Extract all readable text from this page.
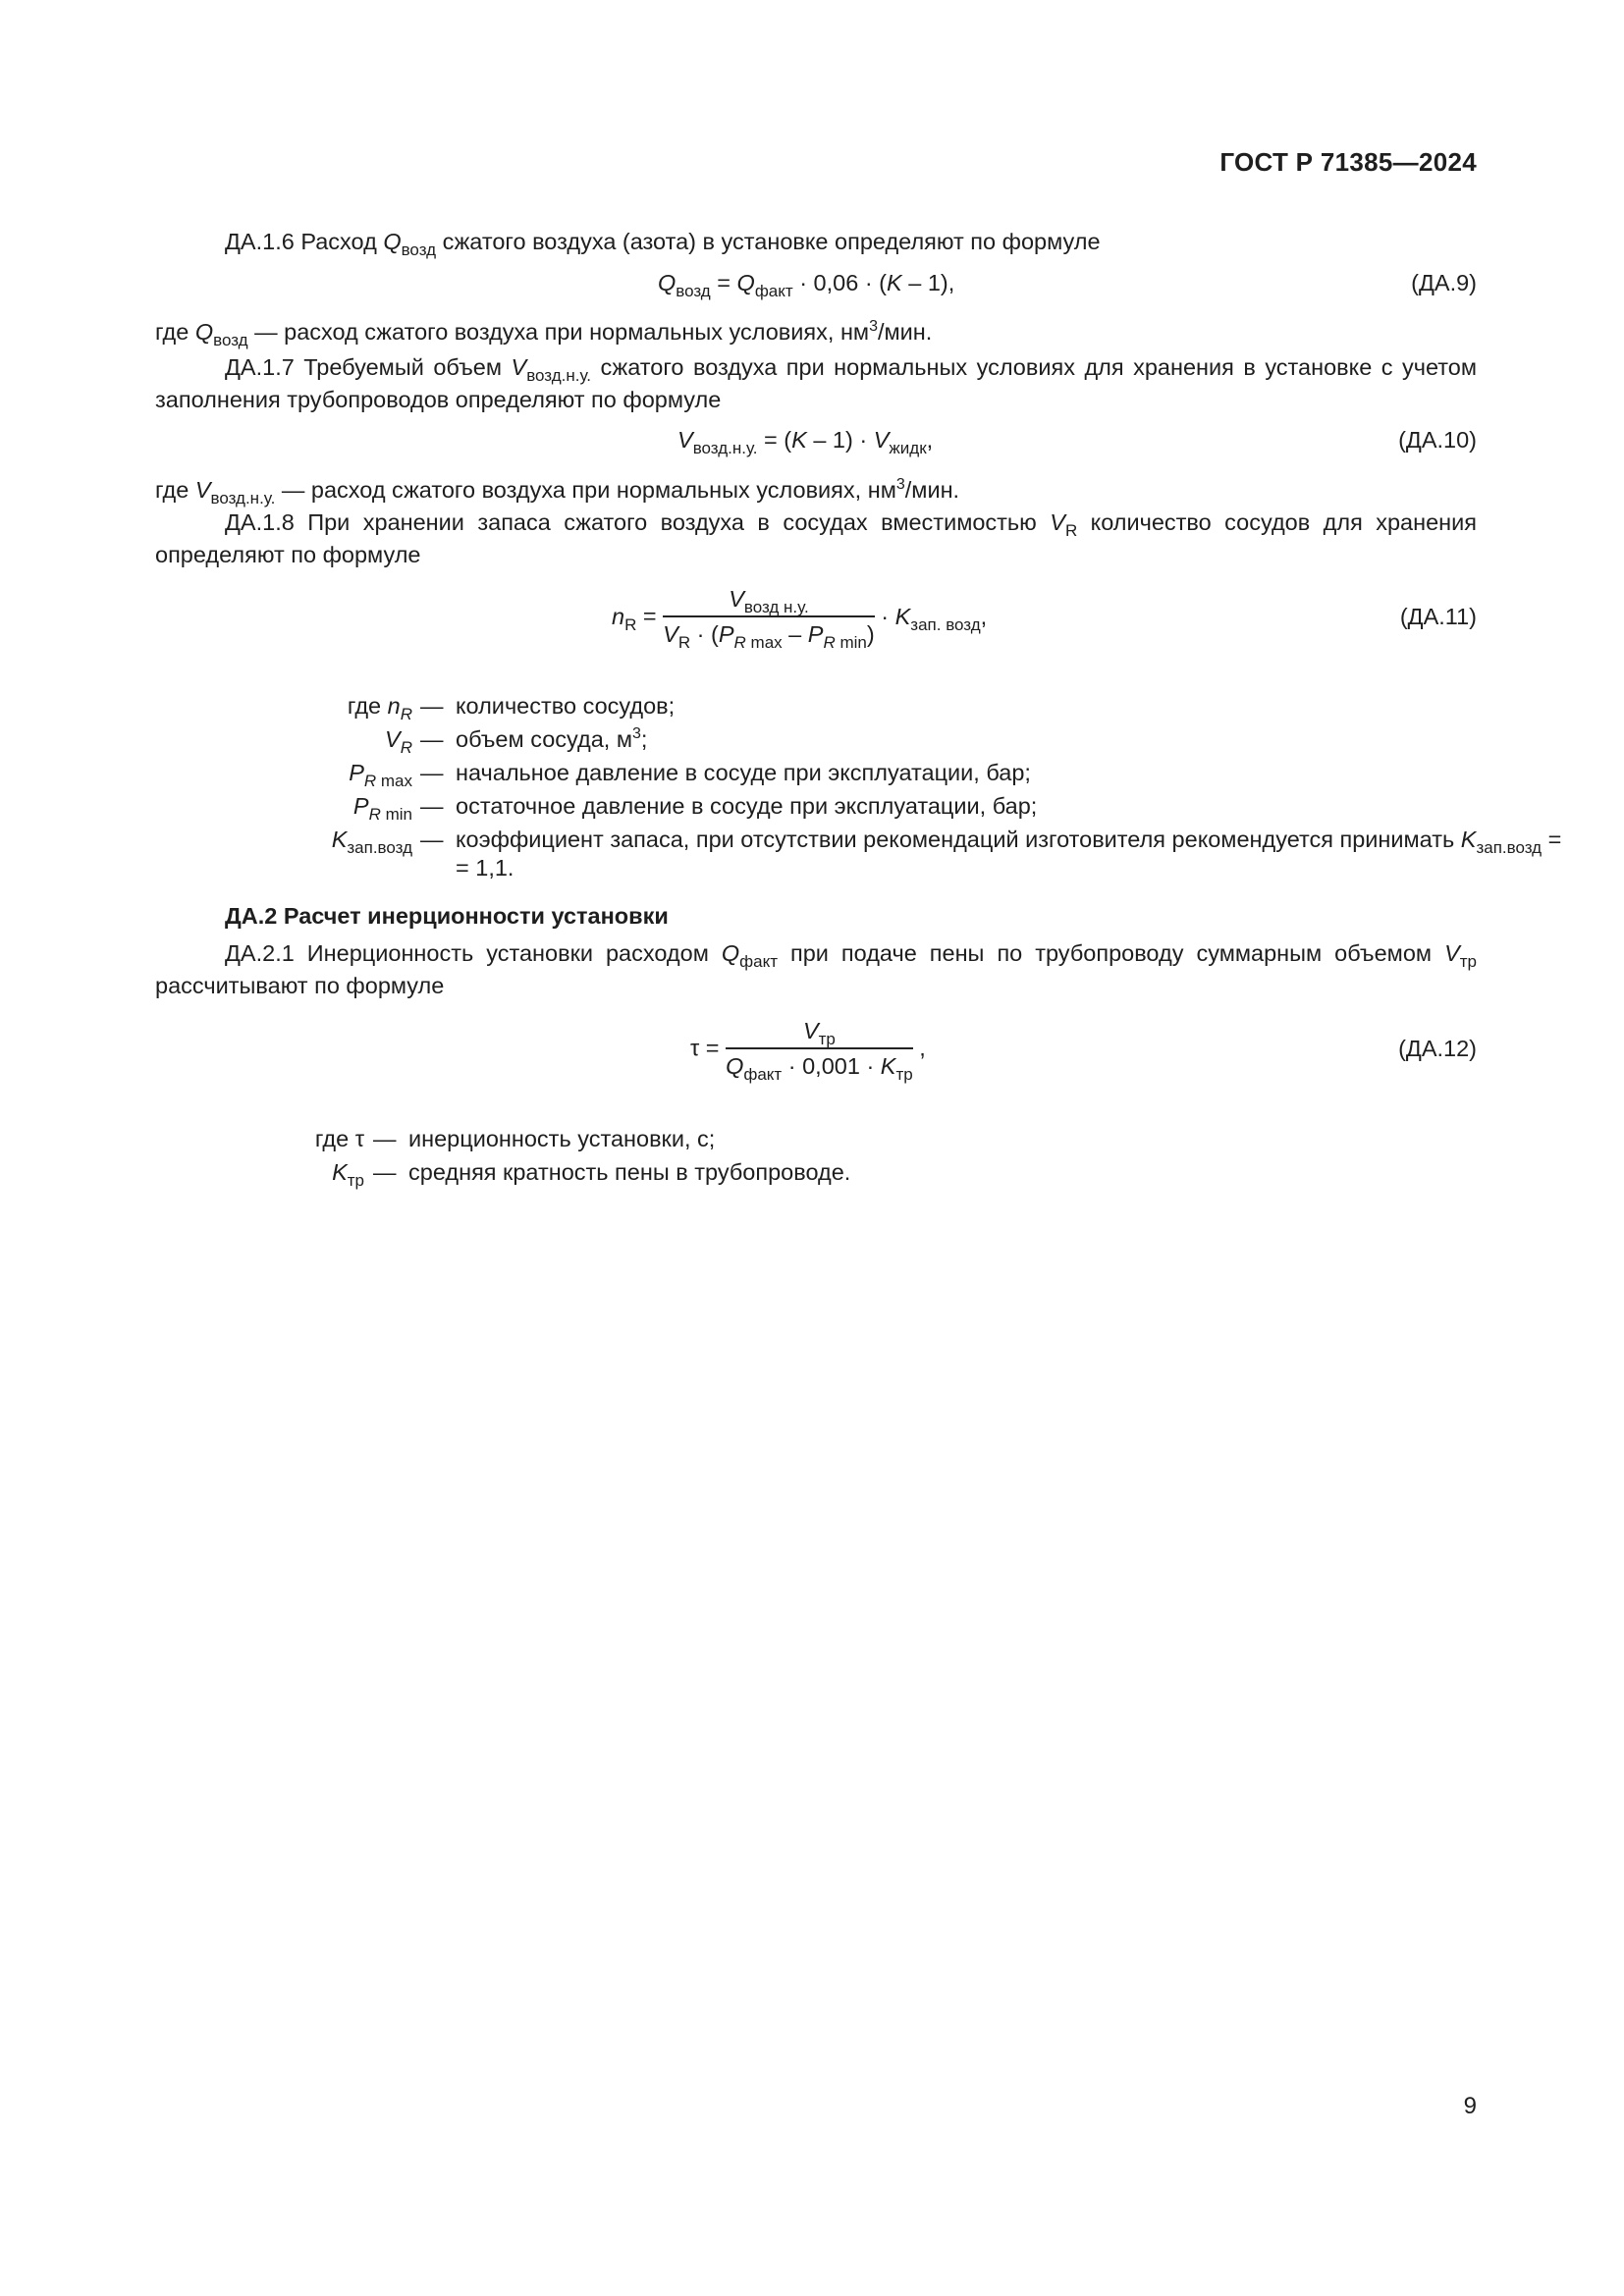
ГОСТ Р 71385—2024
ДА.1.6 Расход $Q_{возд}$ сжатого воздуха (азота) в установке определяют по формуле
$Q_{возд} = Q_{факт} \cdot 0,06 \cdot (K - 1)$,	(ДА.9)
где $Q_{возд}$ — расход сжатого воздуха при нормальных условиях, $нм^3$/мин.
ДА.1.7 Требуемый объем $V_{возд.н.у.}$ сжатого воздуха при нормальных условиях для хранения в установке с учетом заполнения трубопроводов определяют по формуле
$V_{возд.н.у.} = (K - 1) \cdot V_{жидк}$,	(ДА.10)
где $V_{возд.н.у.}$ — расход сжатого воздуха при нормальных условиях, $нм^3$/мин.
ДА.1.8 При хранении запаса сжатого воздуха в сосудах вместимостью $V_R$ количество сосудов для хранения определяют по формуле
$n_R = \frac{V_{возд н.у.}}{V_R \cdot (P_{R max} - P_{R min})} \cdot K_{зап. возд}$,	(ДА.11)
где $n_R$ — количество сосудов;
$V_R$ — объем сосуда, $м^3$;
$P_{R max}$ — начальное давление в сосуде при эксплуатации, бар;
$P_{R min}$ — остаточное давление в сосуде при эксплуатации, бар;
$K_{зап.возд}$ — коэффициент запаса, при отсутствии рекомендаций изготовителя рекомендуется принимать $K_{зап.возд}$ =
= 1,1.
ДА.2 Расчет инерционности установки
ДА.2.1 Инерционность установки расходом $Q_{факт}$ при подаче пены по трубопроводу суммарным объемом $V_{тр}$ рассчитывают по формуле
$\tau = \frac{V_{тр}}{Q_{факт} \cdot 0,001 \cdot K_{тр}}$ ,	(ДА.12)
где τ — инерционность установки, с;
$K_{тр}$ — средняя кратность пены в трубопроводе.
9
